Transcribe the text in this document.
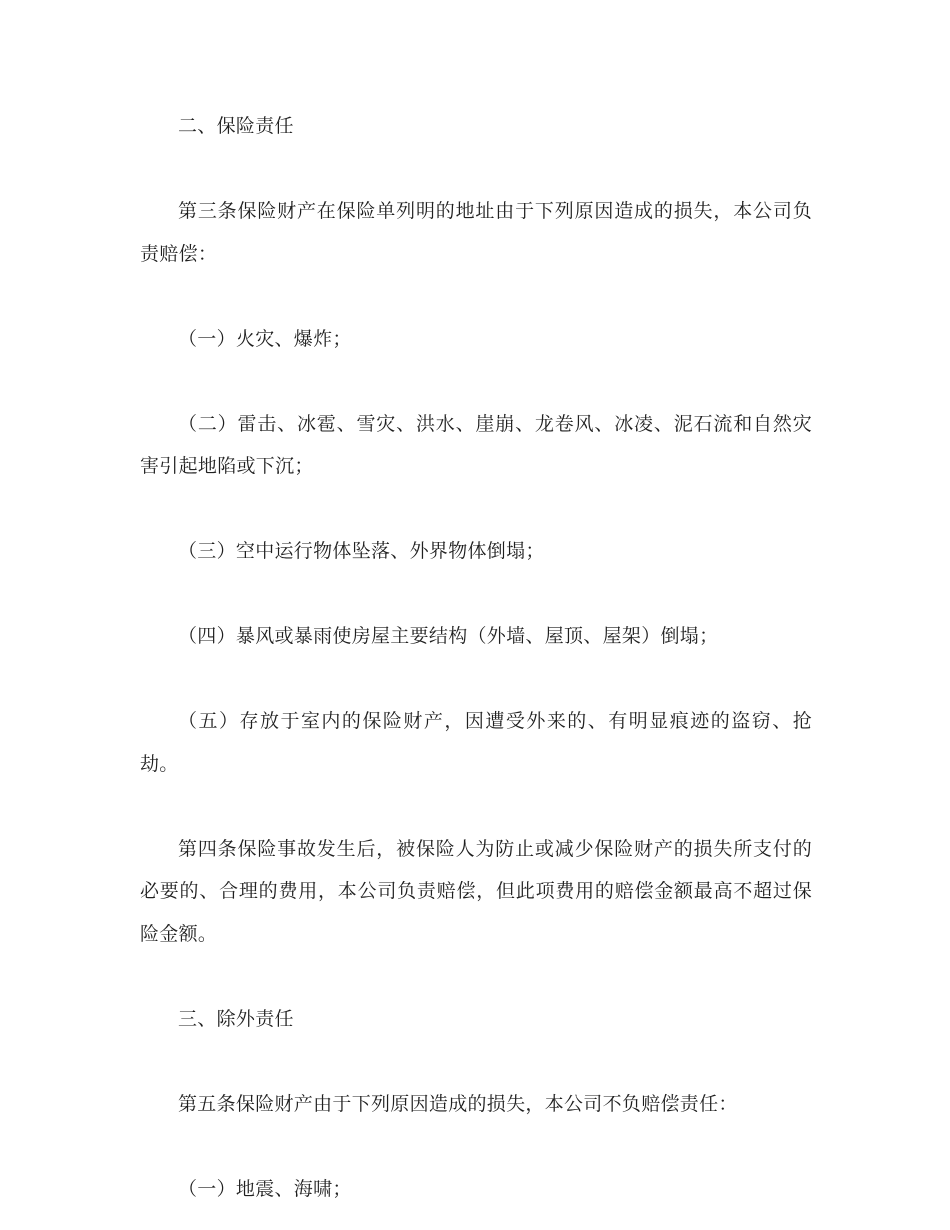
二、保险责任

第三条保险财产在保险单列明的地址由于下列原因造成的损失，本公司负责赔偿：

（一）火灾、爆炸；

（二）雷击、冰雹、雪灾、洪水、崖崩、龙卷风、冰凌、泥石流和自然灾害引起地陷或下沉；

（三）空中运行物体坠落、外界物体倒塌；

（四）暴风或暴雨使房屋主要结构（外墙、屋顶、屋架）倒塌；

（五）存放于室内的保险财产，因遭受外来的、有明显痕迹的盗窃、抢劫。

第四条保险事故发生后，被保险人为防止或减少保险财产的损失所支付的必要的、合理的费用，本公司负责赔偿，但此项费用的赔偿金额最高不超过保险金额。

三、除外责任

第五条保险财产由于下列原因造成的损失，本公司不负赔偿责任：

（一）地震、海啸；
